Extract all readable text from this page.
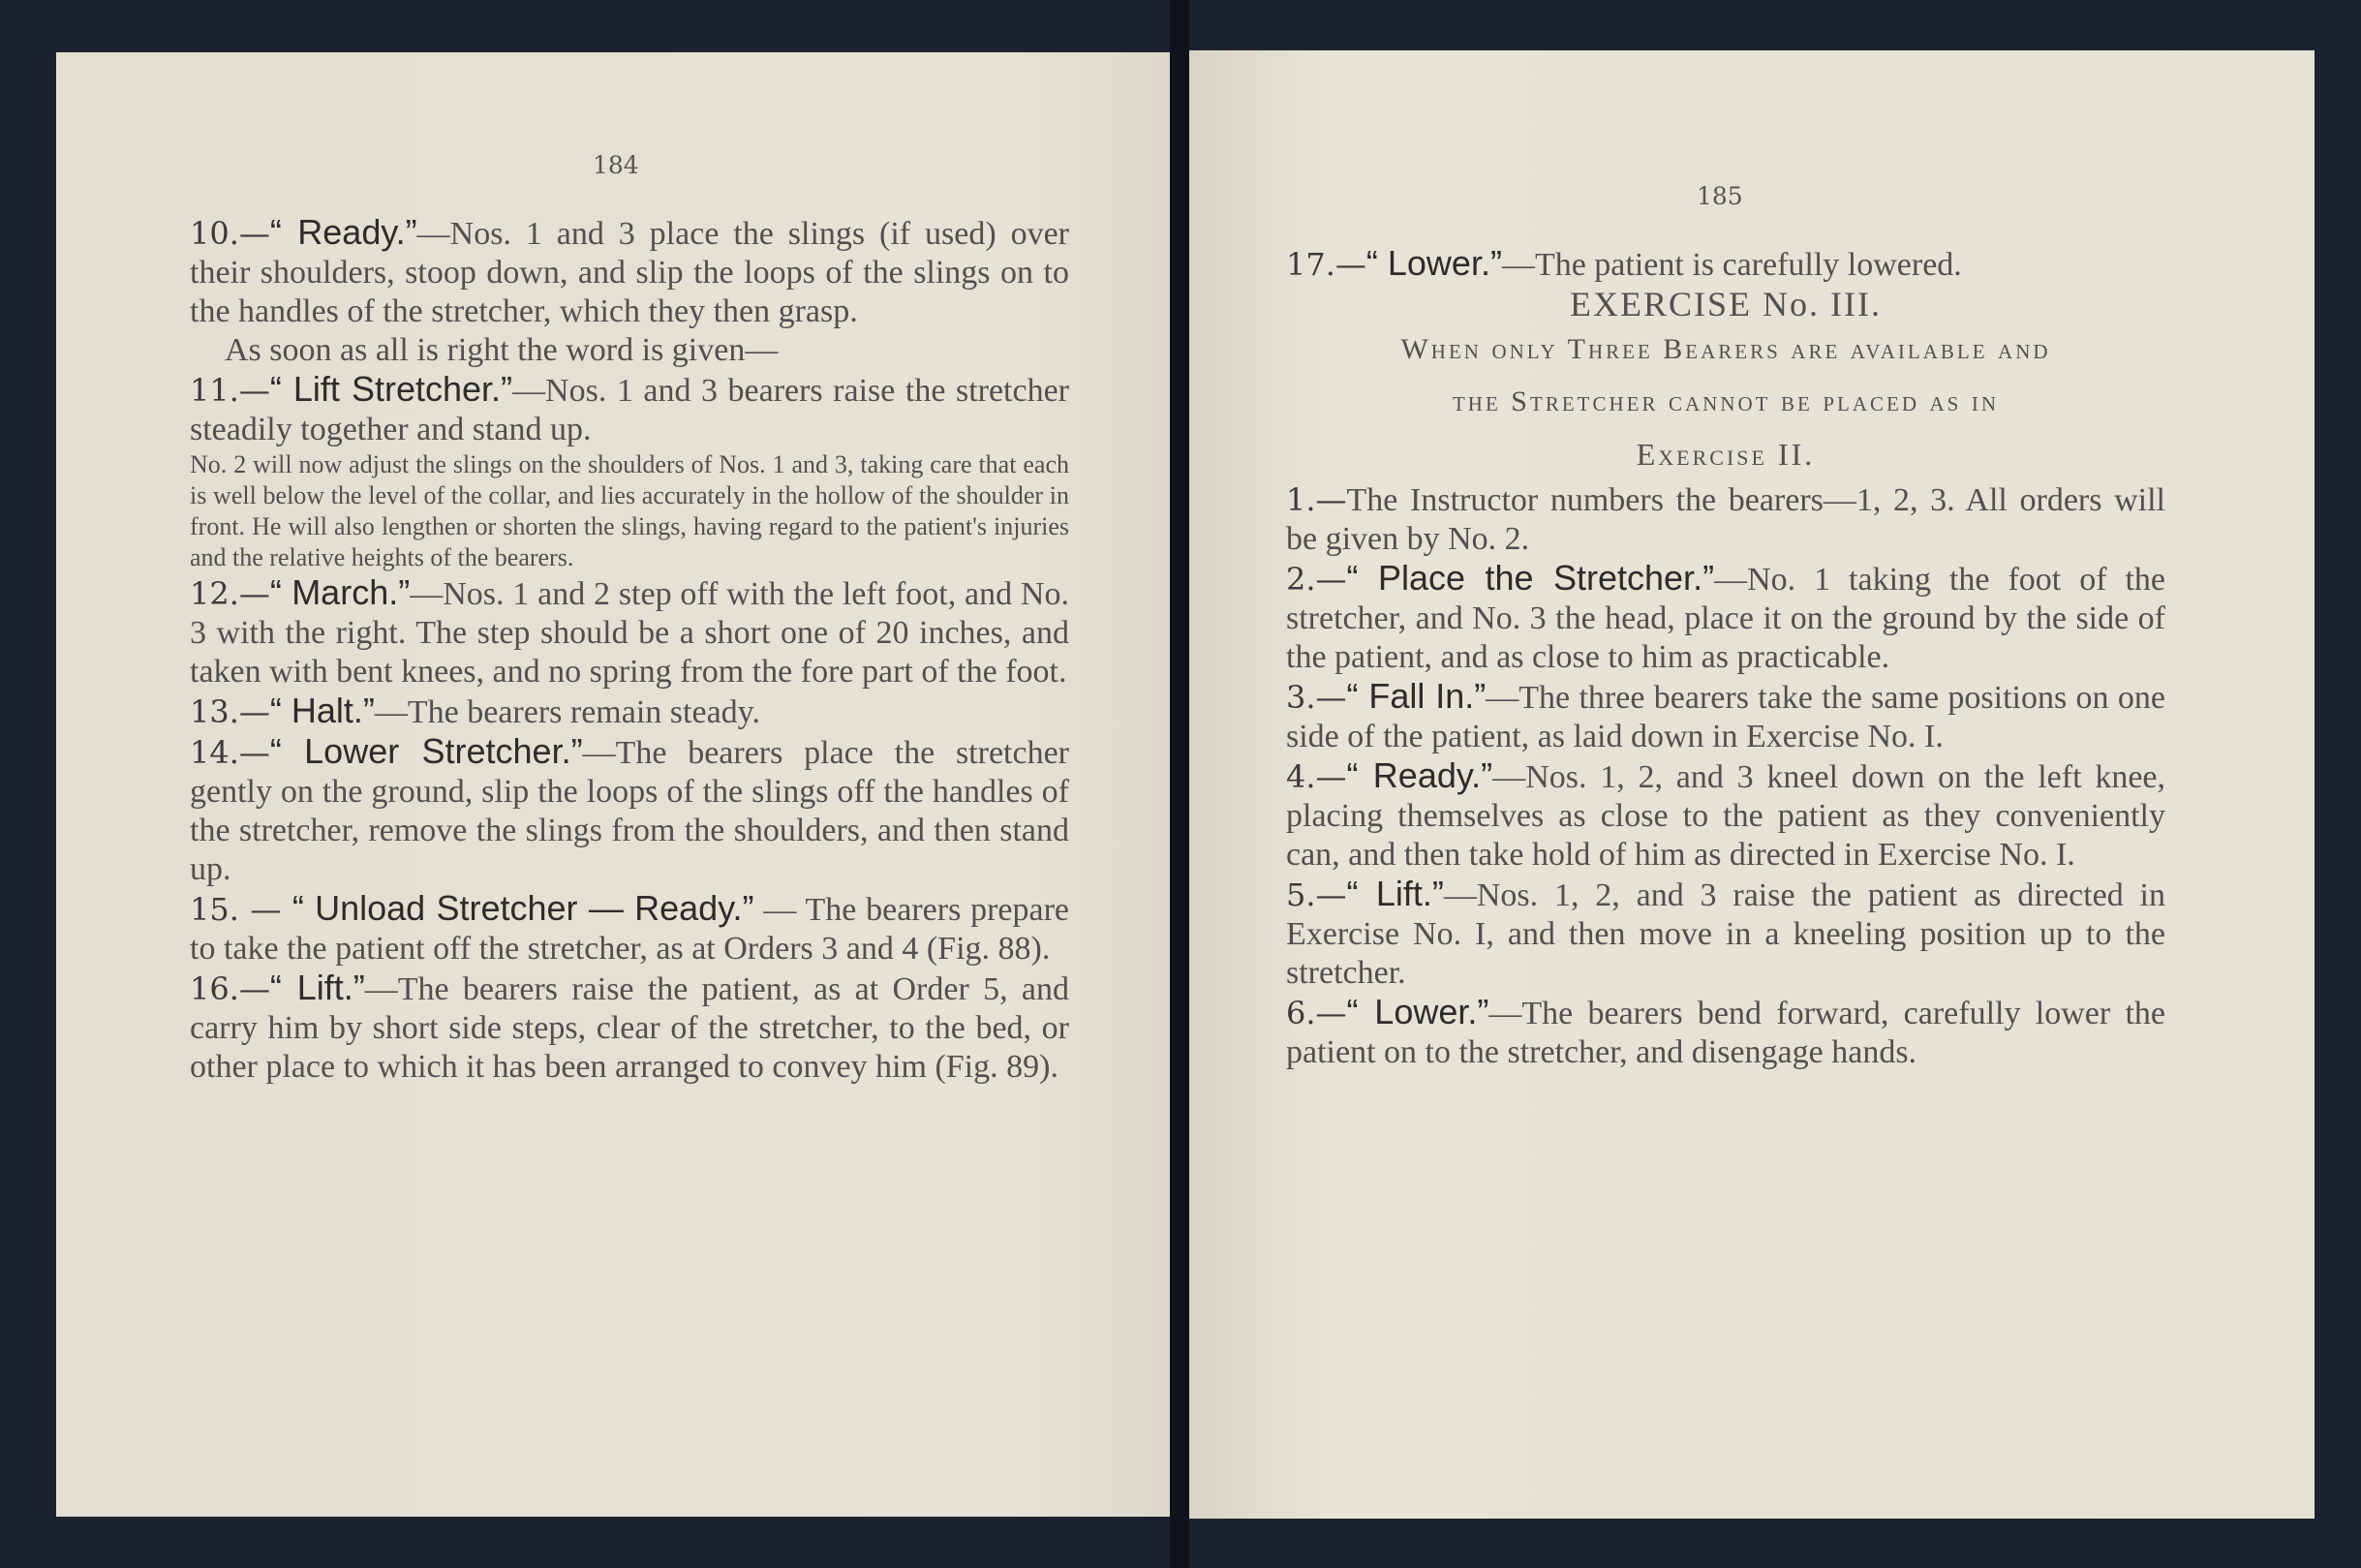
184

10.—“ Ready.”—Nos. 1 and 3 place the slings (if used) over their shoulders, stoop down, and slip the loops of the slings on to the handles of the stretcher, which they then grasp.

As soon as all is right the word is given—

11.—“ Lift Stretcher.”—Nos. 1 and 3 bearers raise the stretcher steadily together and stand up.

No. 2 will now adjust the slings on the shoulders of Nos. 1 and 3, taking care that each is well below the level of the collar, and lies accurately in the hollow of the shoulder in front. He will also lengthen or shorten the slings, having regard to the patient's injuries and the relative heights of the bearers.

12.—“ March.”—Nos. 1 and 2 step off with the left foot, and No. 3 with the right. The step should be a short one of 20 inches, and taken with bent knees, and no spring from the fore part of the foot.

13.—“ Halt.”—The bearers remain steady.

14.—“ Lower Stretcher.”—The bearers place the stretcher gently on the ground, slip the loops of the slings off the handles of the stretcher, remove the slings from the shoulders, and then stand up.

15. — “ Unload Stretcher — Ready.” — The bearers prepare to take the patient off the stretcher, as at Orders 3 and 4 (Fig. 88).

16.—“ Lift.”—The bearers raise the patient, as at Order 5, and carry him by short side steps, clear of the stretcher, to the bed, or other place to which it has been arranged to convey him (Fig. 89).

185

17.—“ Lower.”—The patient is carefully lowered.

EXERCISE No. III.

When only Three Bearers are available and

the Stretcher cannot be placed as in

Exercise II.

1.—The Instructor numbers the bearers—1, 2, 3. All orders will be given by No. 2.

2.—“ Place the Stretcher.”—No. 1 taking the foot of the stretcher, and No. 3 the head, place it on the ground by the side of the patient, and as close to him as practicable.

3.—“ Fall In.”—The three bearers take the same positions on one side of the patient, as laid down in Exercise No. I.

4.—“ Ready.”—Nos. 1, 2, and 3 kneel down on the left knee, placing themselves as close to the patient as they conveniently can, and then take hold of him as directed in Exercise No. I.

5.—“ Lift.”—Nos. 1, 2, and 3 raise the patient as directed in Exercise No. I, and then move in a kneeling position up to the stretcher.

6.—“ Lower.”—The bearers bend forward, carefully lower the patient on to the stretcher, and disengage hands.
